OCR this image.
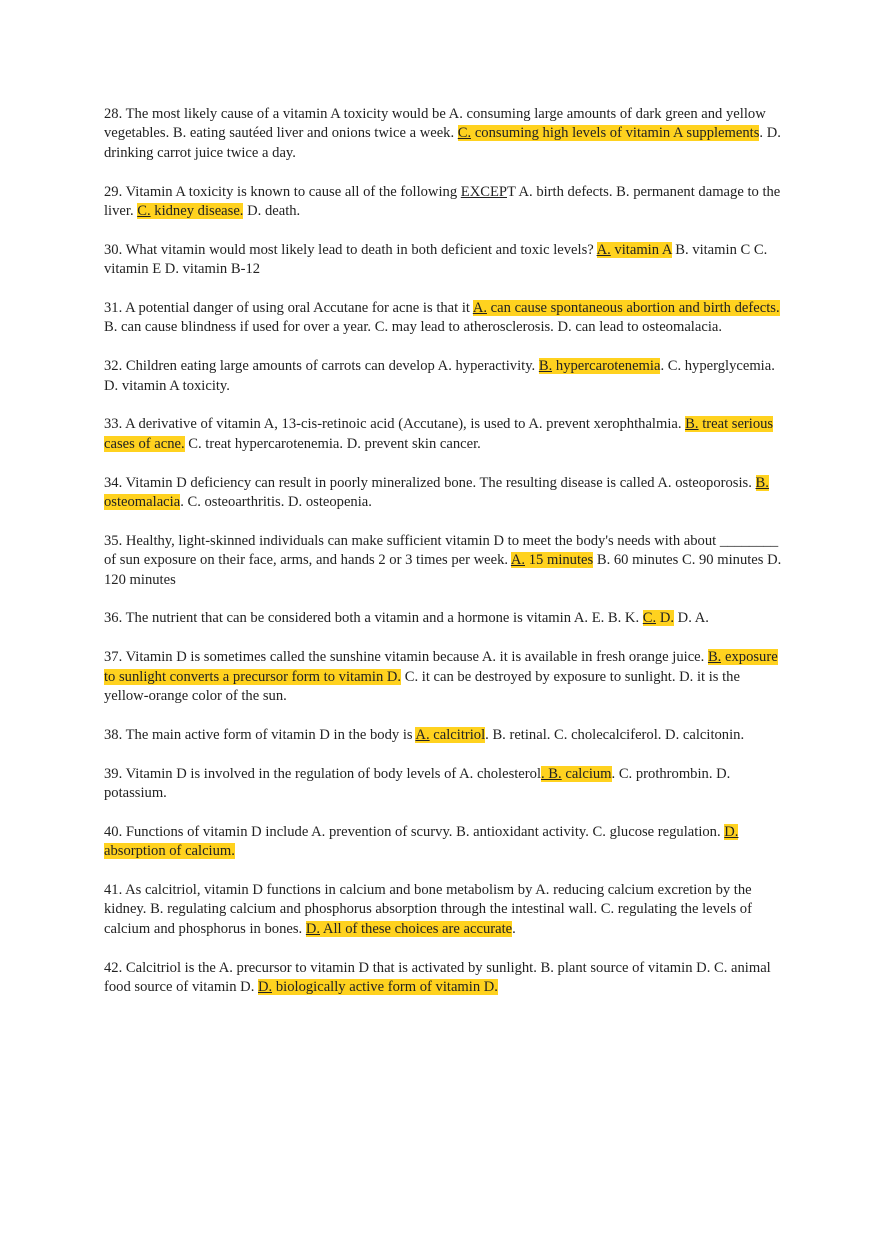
28. The most likely cause of a vitamin A toxicity would be A. consuming large amounts of dark green and yellow vegetables. B. eating sautéed liver and onions twice a week. C. consuming high levels of vitamin A supplements. D. drinking carrot juice twice a day.

29. Vitamin A toxicity is known to cause all of the following EXCEPT A. birth defects. B. permanent damage to the liver. C. kidney disease. D. death.

30. What vitamin would most likely lead to death in both deficient and toxic levels? A. vitamin A B. vitamin C C. vitamin E D. vitamin B-12

31. A potential danger of using oral Accutane for acne is that it A. can cause spontaneous abortion and birth defects. B. can cause blindness if used for over a year. C. may lead to atherosclerosis. D. can lead to osteomalacia.

32. Children eating large amounts of carrots can develop A. hyperactivity. B. hypercarotenemia. C. hyperglycemia. D. vitamin A toxicity.

33. A derivative of vitamin A, 13-cis-retinoic acid (Accutane), is used to A. prevent xerophthalmia. B. treat serious cases of acne. C. treat hypercarotenemia. D. prevent skin cancer.

34. Vitamin D deficiency can result in poorly mineralized bone. The resulting disease is called A. osteoporosis. B. osteomalacia. C. osteoarthritis. D. osteopenia.

35. Healthy, light-skinned individuals can make sufficient vitamin D to meet the body's needs with about ________ of sun exposure on their face, arms, and hands 2 or 3 times per week. A. 15 minutes B. 60 minutes C. 90 minutes D. 120 minutes

36. The nutrient that can be considered both a vitamin and a hormone is vitamin A. E. B. K. C. D. D. A.

37. Vitamin D is sometimes called the sunshine vitamin because A. it is available in fresh orange juice. B. exposure to sunlight converts a precursor form to vitamin D. C. it can be destroyed by exposure to sunlight. D. it is the yellow-orange color of the sun.

38. The main active form of vitamin D in the body is A. calcitriol. B. retinal. C. cholecalciferol. D. calcitonin.

39. Vitamin D is involved in the regulation of body levels of A. cholesterol. B. calcium. C. prothrombin. D. potassium.

40. Functions of vitamin D include A. prevention of scurvy. B. antioxidant activity. C. glucose regulation. D. absorption of calcium.

41. As calcitriol, vitamin D functions in calcium and bone metabolism by A. reducing calcium excretion by the kidney. B. regulating calcium and phosphorus absorption through the intestinal wall. C. regulating the levels of calcium and phosphorus in bones. D. All of these choices are accurate.

42. Calcitriol is the A. precursor to vitamin D that is activated by sunlight. B. plant source of vitamin D. C. animal food source of vitamin D. D. biologically active form of vitamin D.
